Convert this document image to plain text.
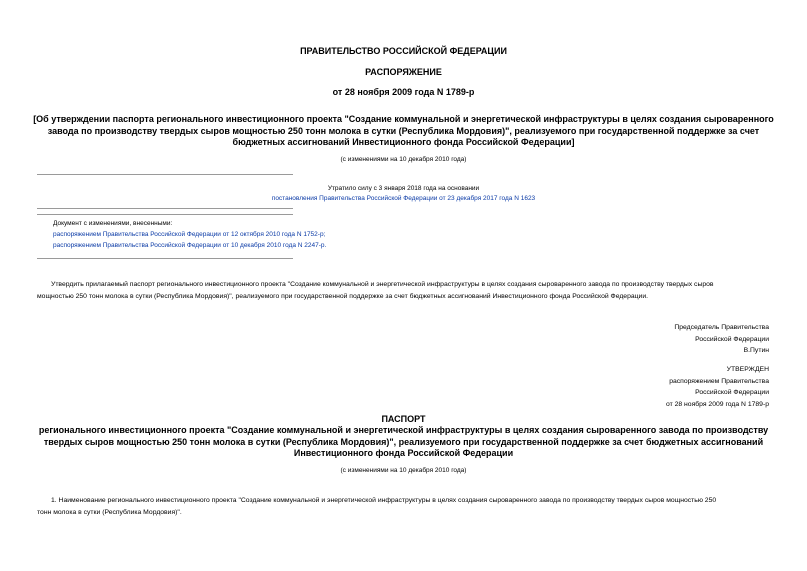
ПРАВИТЕЛЬСТВО РОССИЙСКОЙ ФЕДЕРАЦИИ
РАСПОРЯЖЕНИЕ
от 28 ноября 2009 года N 1789-р
[Об утверждении паспорта регионального инвестиционного проекта "Создание коммунальной и энергетической инфраструктуры в целях создания сыроваренного
завода по производству твердых сыров мощностью 250 тонн молока в сутки (Республика Мордовия)", реализуемого при государственной поддержке за счет
бюджетных ассигнований Инвестиционного фонда Российской Федерации]
(с изменениями на 10 декабря 2010 года)
Утратило силу с 3 января 2018 года на основании
постановления Правительства Российской Федерации от 23 декабря 2017 года N 1623
Документ с изменениями, внесенными:
распоряжением Правительства Российской Федерации от 12 октября 2010 года N 1752-р;
распоряжением Правительства Российской Федерации от 10 декабря 2010 года N 2247-р.
Утвердить прилагаемый паспорт регионального инвестиционного проекта "Создание коммунальной и энергетической инфраструктуры в целях создания сыроваренного завода по производству твердых сыров
мощностью 250 тонн молока в сутки (Республика Мордовия)", реализуемого при государственной поддержке за счет бюджетных ассигнований Инвестиционного фонда Российской Федерации.
Председатель Правительства
Российской Федерации
В.Путин
УТВЕРЖДЕН
распоряжением Правительства
Российской Федерации
от 28 ноября 2009 года N 1789-р
ПАСПОРТ
регионального инвестиционного проекта "Создание коммунальной и энергетической инфраструктуры в целях создания сыроваренного завода по производству
твердых сыров мощностью 250 тонн молока в сутки (Республика Мордовия)", реализуемого при государственной поддержке за счет бюджетных ассигнований
Инвестиционного фонда Российской Федерации
(с изменениями на 10 декабря 2010 года)
1. Наименование регионального инвестиционного проекта "Создание коммунальной и энергетической инфраструктуры в целях создания сыроваренного завода по производству твердых сыров мощностью 250
тонн молока в сутки (Республика Мордовия)".
